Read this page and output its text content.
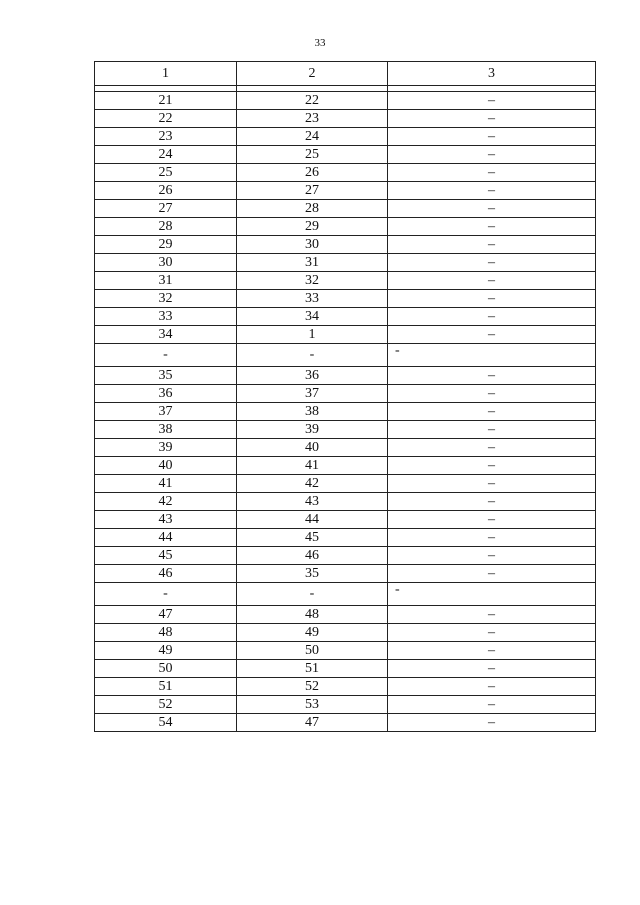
33
1	2	3

21	22	–
22	23	–
23	24	–
24	25	–
25	26	–
26	27	–
27	28	–
28	29	–
29	30	–
30	31	–
31	32	–
32	33	–
33	34	–
34	1	–
-	-	-
35	36	–
36	37	–
37	38	–
38	39	–
39	40	–
40	41	–
41	42	–
42	43	–
43	44	–
44	45	–
45	46	–
46	35	–
-	-	-
47	48	–
48	49	–
49	50	–
50	51	–
51	52	–
52	53	–
54	47	–
